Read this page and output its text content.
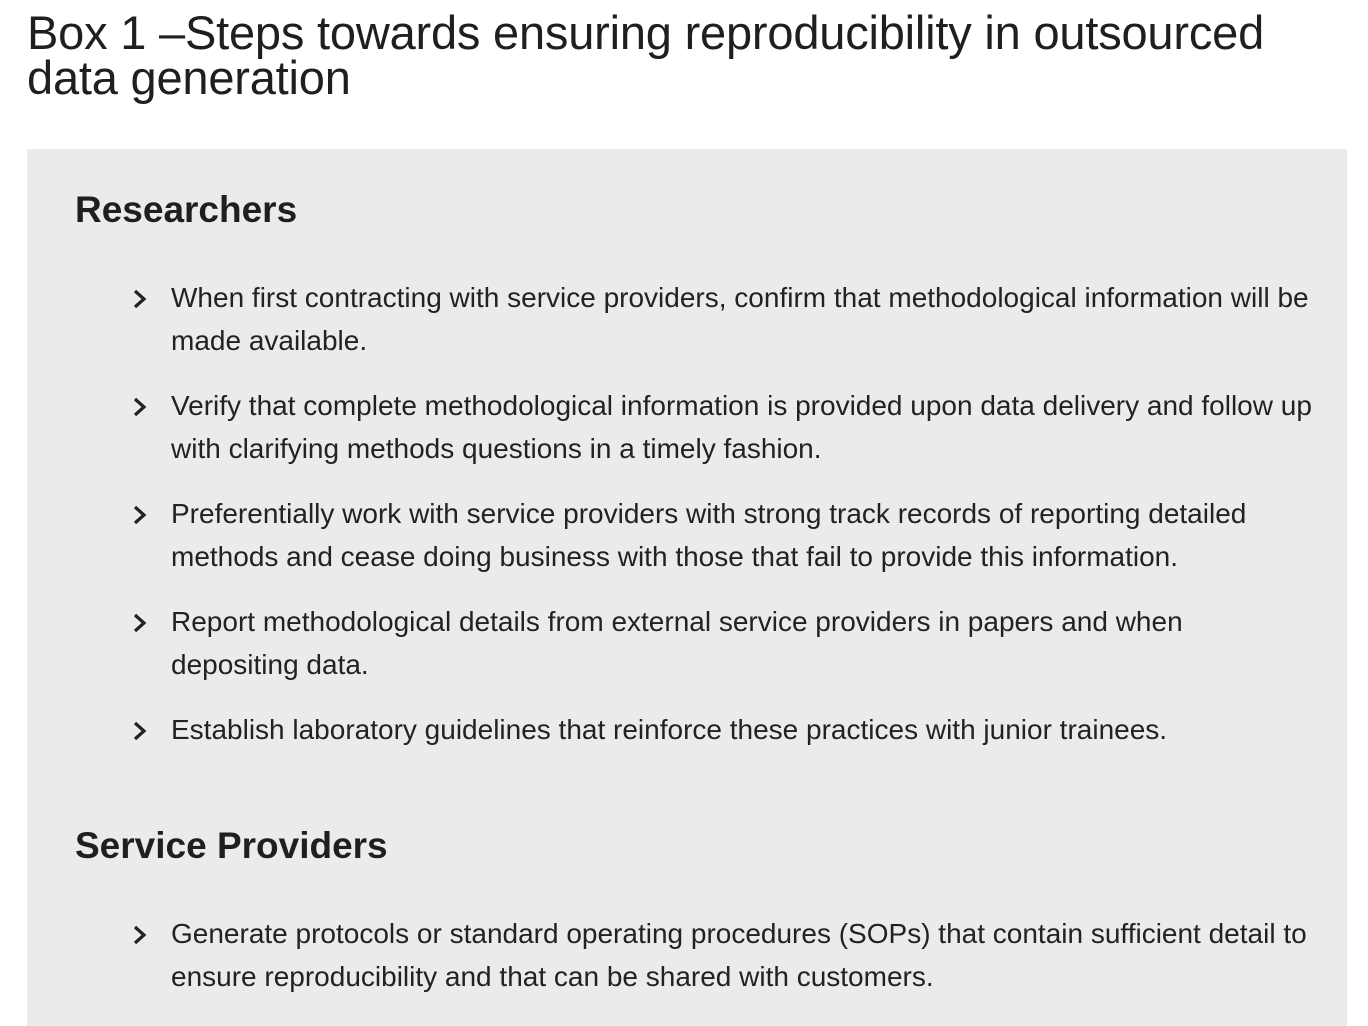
Box 1 –Steps towards ensuring reproducibility in outsourced data generation
Researchers
When first contracting with service providers, confirm that methodological information will be made available.
Verify that complete methodological information is provided upon data delivery and follow up with clarifying methods questions in a timely fashion.
Preferentially work with service providers with strong track records of reporting detailed methods and cease doing business with those that fail to provide this information.
Report methodological details from external service providers in papers and when depositing data.
Establish laboratory guidelines that reinforce these practices with junior trainees.
Service Providers
Generate protocols or standard operating procedures (SOPs) that contain sufficient detail to ensure reproducibility and that can be shared with customers.
